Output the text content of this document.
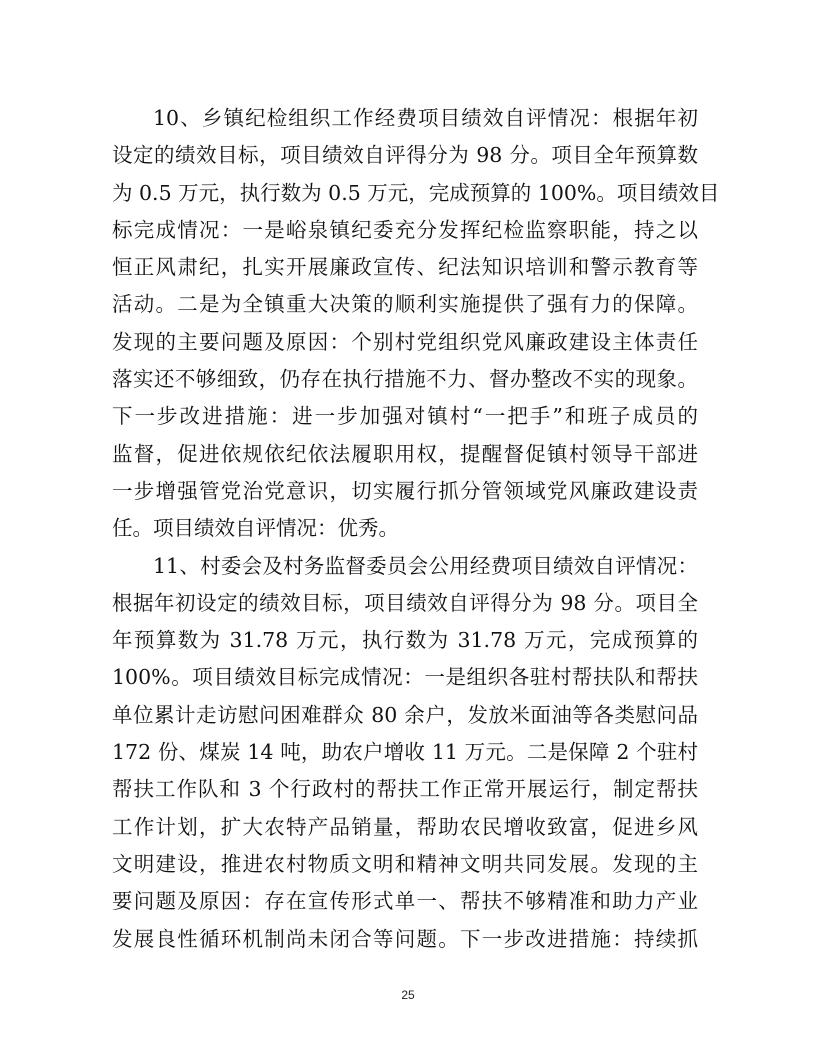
10、乡镇纪检组织工作经费项目绩效自评情况：根据年初
设定的绩效目标，项目绩效自评得分为 98 分。项目全年预算数
为 0.5 万元，执行数为 0.5 万元，完成预算的 100%。项目绩效目
标完成情况：一是峪泉镇纪委充分发挥纪检监察职能，持之以
恒正风肃纪，扎实开展廉政宣传、纪法知识培训和警示教育等
活动。二是为全镇重大决策的顺利实施提供了强有力的保障。
发现的主要问题及原因：个别村党组织党风廉政建设主体责任
落实还不够细致，仍存在执行措施不力、督办整改不实的现象。
下一步改进措施：进一步加强对镇村“一把手”和班子成员的
监督，促进依规依纪依法履职用权，提醒督促镇村领导干部进
一步增强管党治党意识，切实履行抓分管领域党风廉政建设责
任。项目绩效自评情况：优秀。
11、村委会及村务监督委员会公用经费项目绩效自评情况：
根据年初设定的绩效目标，项目绩效自评得分为 98 分。项目全
年预算数为 31.78 万元，执行数为 31.78 万元，完成预算的
100%。项目绩效目标完成情况：一是组织各驻村帮扶队和帮扶
单位累计走访慰问困难群众 80 余户，发放米面油等各类慰问品
172 份、煤炭 14 吨，助农户增收 11 万元。二是保障 2 个驻村
帮扶工作队和 3 个行政村的帮扶工作正常开展运行，制定帮扶
工作计划，扩大农特产品销量，帮助农民增收致富，促进乡风
文明建设，推进农村物质文明和精神文明共同发展。发现的主
要问题及原因：存在宣传形式单一、帮扶不够精准和助力产业
发展良性循环机制尚未闭合等问题。下一步改进措施：持续抓
25
